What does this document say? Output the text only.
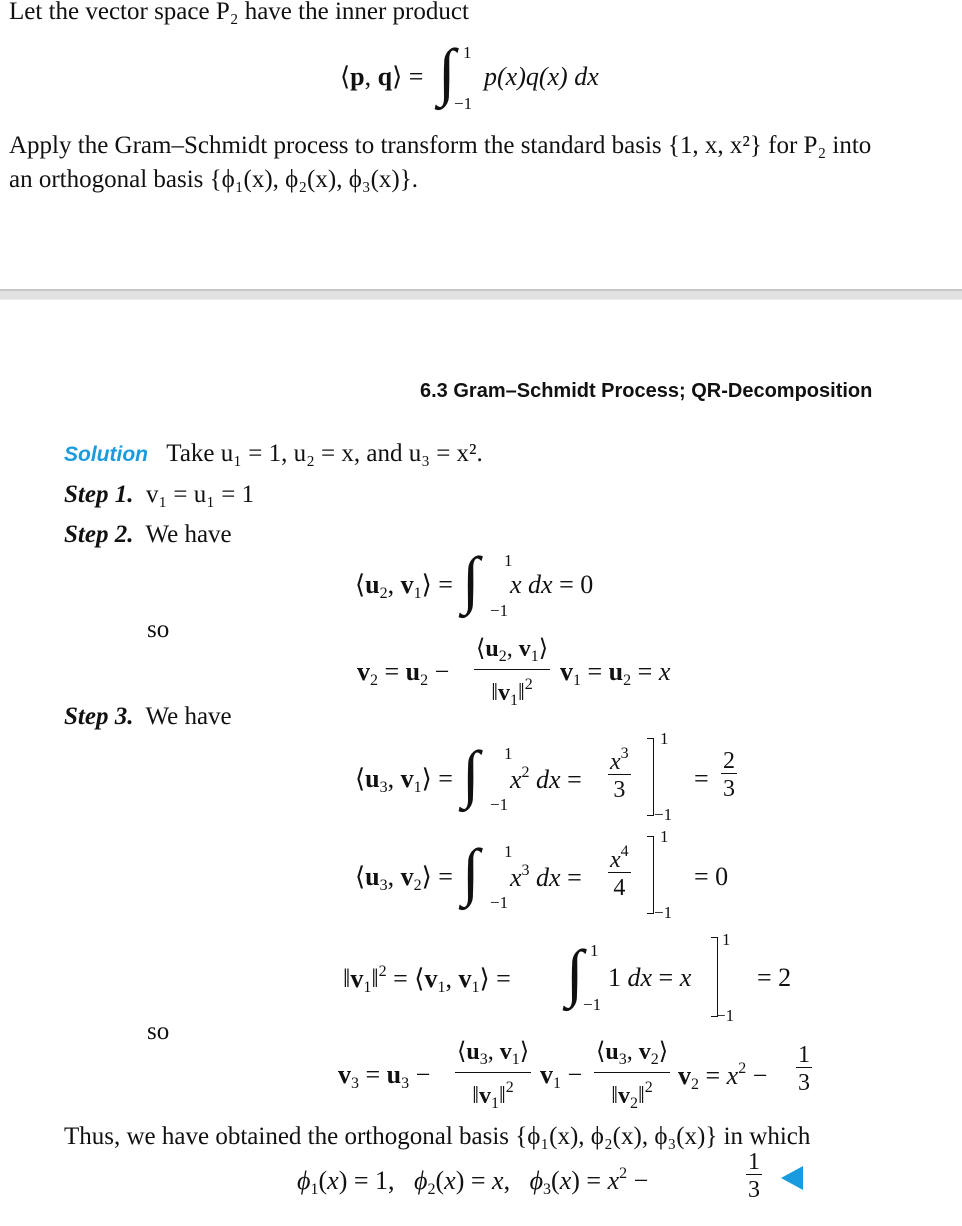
Let the vector space P₂ have the inner product
⟨p, q⟩ = ∫ 1
−1
p(x)q(x) dx
Apply the Gram–Schmidt process to transform the standard basis {1, x, x²} for P₂ into
an orthogonal basis {ϕ₁(x), ϕ₂(x), ϕ₃(x)}.
6.3 Gram–Schmidt Process; QR-Decomposition
Solution Take u₁ = 1, u₂ = x, and u₃ = x².
Step 1. v₁ = u₁ = 1
Step 2. We have
$⟨u_2$, $v_1⟩$ = ∫ 1
−1
x dx = 0
so
$v_2 = u_2 - \frac{⟨u_2, v_1⟩}{‖v_1‖^2} v_1 = u_2 = x$
Step 3. We have
$⟨u_3$, $v_1⟩$ = ∫ 1
−1
$x^2$ dx = $\frac{x^3}{3}$
1
−1
= $\frac{2}{3}$
$⟨u_3$, $v_2⟩$ = ∫ 1
−1
$x^3$ dx = $\frac{x^4}{4}$
1
−1
= 0
$‖v_1‖^2$ = $⟨v_1$, $v_1⟩$ = ∫ 1
−1
1 dx = x
1
−1
= 2
so
$v_3 = u_3 - \frac{⟨u_3, v_1⟩}{‖v_1‖^2} v_1 - \frac{⟨u_3, v_2⟩}{‖v_2‖^2} v_2 = x^2 - \frac{1}{3}$
Thus, we have obtained the orthogonal basis {ϕ₁(x), ϕ₂(x), ϕ₃(x)} in which
$\phi_1(x) = 1$,   $\phi_2(x) = x$,   $\phi_3(x) = x^2$ −	$\frac{1}{3}$
